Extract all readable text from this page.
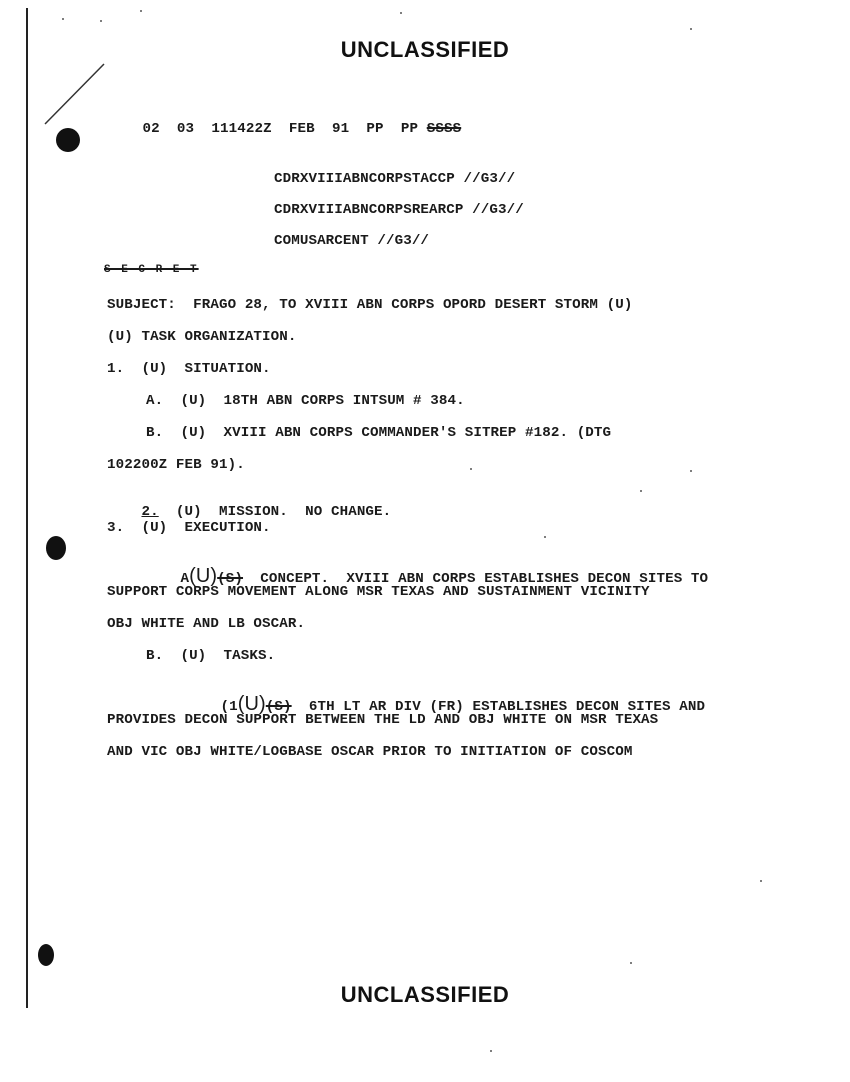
UNCLASSIFIED
UNCLASSIFIED

02  03  111422Z  FEB  91  PP  PP SSSS

CDRXVIIIABNCORPSTACCP //G3//
CDRXVIIIABNCORPSREARCP //G3//
COMUSARCENT //G3//
S E C R E T
SUBJECT:  FRAGO 28, TO XVIII ABN CORPS OPORD DESERT STORM (U)
(U) TASK ORGANIZATION.
1.  (U)  SITUATION.
A.  (U)  18TH ABN CORPS INTSUM # 384.
B.  (U)  XVIII ABN CORPS COMMANDER'S SITREP #182. (DTG
102200Z FEB 91).

2.  (U)  MISSION.  NO CHANGE.

3.  (U)  EXECUTION.

A(U)(S)  CONCEPT.  XVIII ABN CORPS ESTABLISHES DECON SITES TO

SUPPORT CORPS MOVEMENT ALONG MSR TEXAS AND SUSTAINMENT VICINITY
OBJ WHITE AND LB OSCAR.
B.  (U)  TASKS.

(1(U)(S)  6TH LT AR DIV (FR) ESTABLISHES DECON SITES AND

PROVIDES DECON SUPPORT BETWEEN THE LD AND OBJ WHITE ON MSR TEXAS
AND VIC OBJ WHITE/LOGBASE OSCAR PRIOR TO INITIATION OF COSCOM
